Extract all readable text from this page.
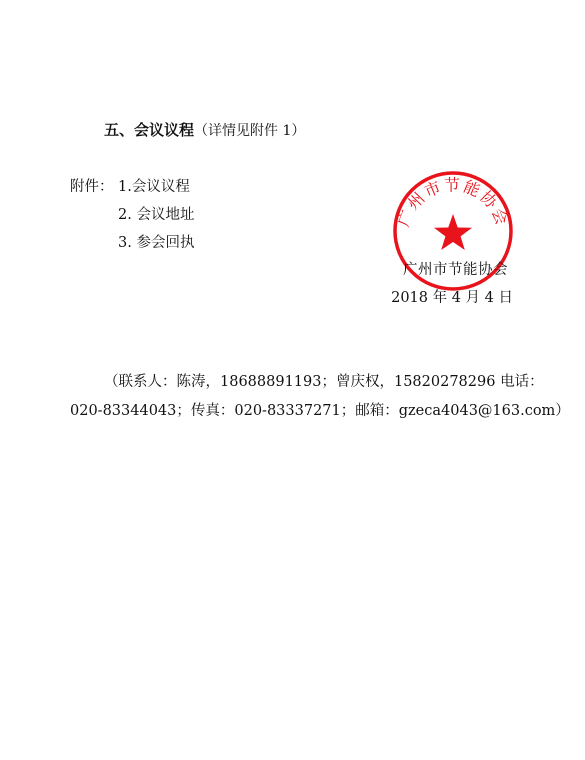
五、会议议程（详情见附件 1）
附件： 1.会议议程
2. 会议地址
3. 参会回执
广州市节能协会
广州市节能协会
2018 年 4 月 4 日
（联系人：陈涛，18688891193；曾庆权，15820278296 电话：
020-83344043；传真：020-83337271；邮箱：gzeca4043@163.com）
